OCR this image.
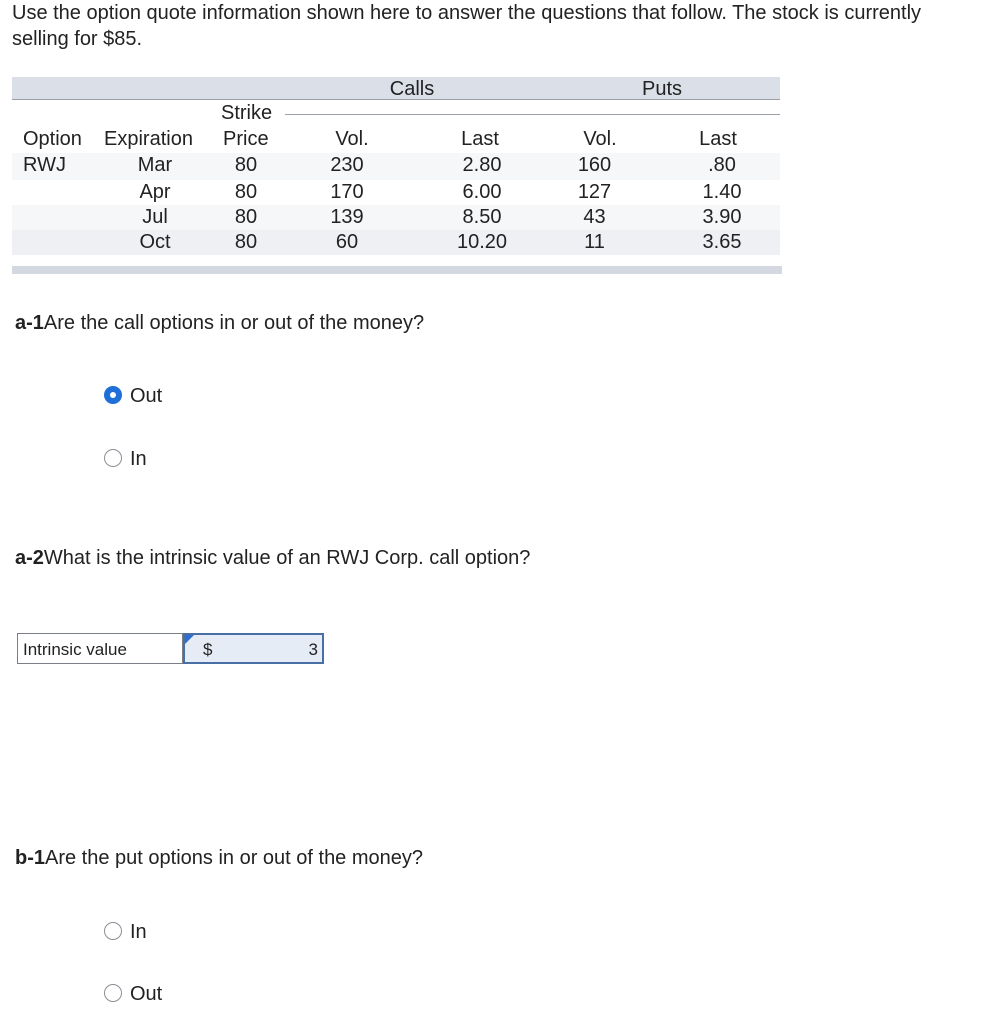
Use the option quote information shown here to answer the questions that follow. The stock is currently selling for $85.
Calls	Puts
Strike
Option Expiration Price	Vol.	Last	Vol.	Last
RWJ	Mar	80	230	2.80	160	.80
Apr	80	170	6.00	127	1.40
Jul	80	139	8.50	43	3.90
Oct	80	60	10.20	11	3.65
a-1Are the call options in or out of the money?
Out
In
a-2What is the intrinsic value of an RWJ Corp. call option?
Intrinsic value	$	3
b-1Are the put options in or out of the money?
In
Out
